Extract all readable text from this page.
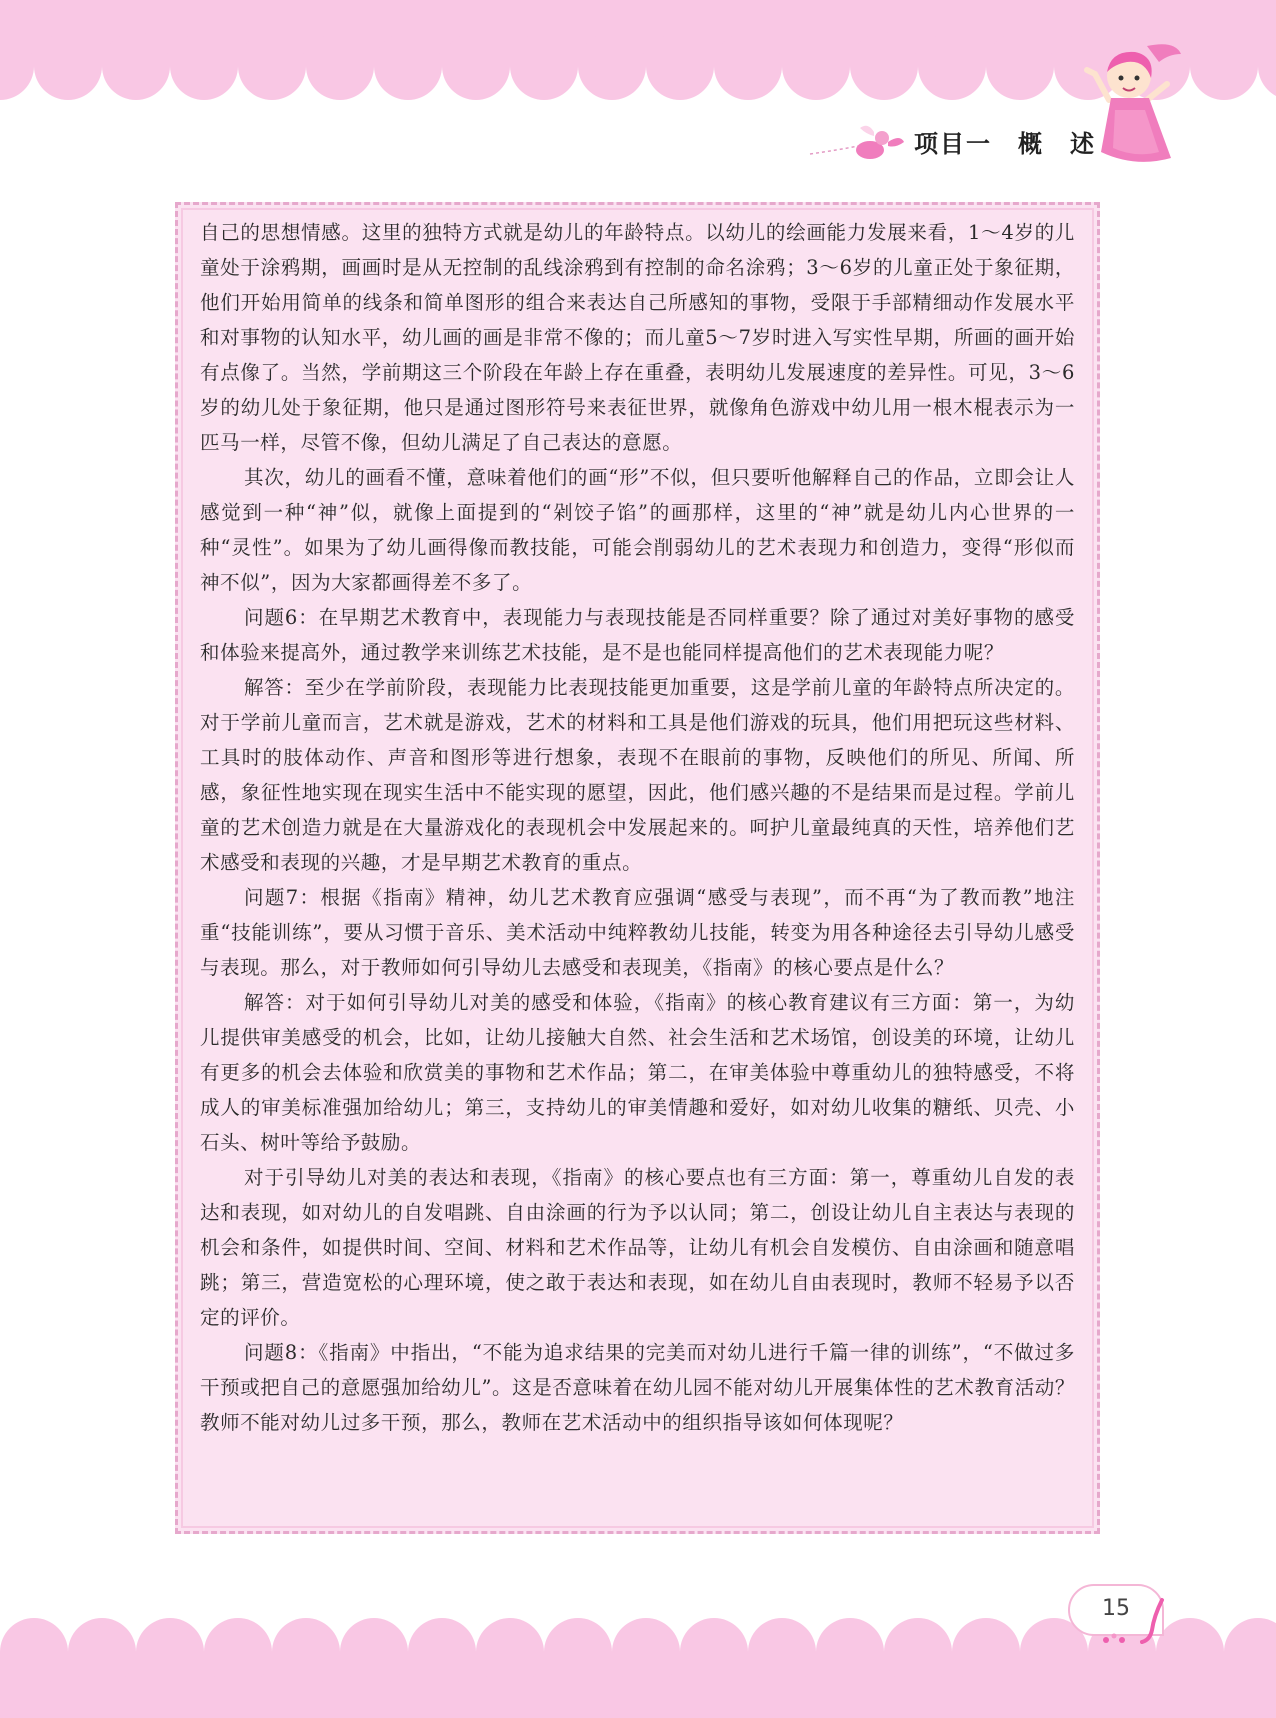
项目一　概　述

自己的思想情感。这里的独特方式就是幼儿的年龄特点。以幼儿的绘画能力发展来看，1～4岁的儿童处于涂鸦期，画画时是从无控制的乱线涂鸦到有控制的命名涂鸦；3～6岁的儿童正处于象征期，他们开始用简单的线条和简单图形的组合来表达自己所感知的事物，受限于手部精细动作发展水平和对事物的认知水平，幼儿画的画是非常不像的；而儿童5～7岁时进入写实性早期，所画的画开始有点像了。当然，学前期这三个阶段在年龄上存在重叠，表明幼儿发展速度的差异性。可见，3～6岁的幼儿处于象征期，他只是通过图形符号来表征世界，就像角色游戏中幼儿用一根木棍表示为一匹马一样，尽管不像，但幼儿满足了自己表达的意愿。

其次，幼儿的画看不懂，意味着他们的画“形”不似，但只要听他解释自己的作品，立即会让人感觉到一种“神”似，就像上面提到的“剁饺子馅”的画那样，这里的“神”就是幼儿内心世界的一种“灵性”。如果为了幼儿画得像而教技能，可能会削弱幼儿的艺术表现力和创造力，变得“形似而神不似”，因为大家都画得差不多了。

问题6：在早期艺术教育中，表现能力与表现技能是否同样重要？除了通过对美好事物的感受和体验来提高外，通过教学来训练艺术技能，是不是也能同样提高他们的艺术表现能力呢？

解答：至少在学前阶段，表现能力比表现技能更加重要，这是学前儿童的年龄特点所决定的。对于学前儿童而言，艺术就是游戏，艺术的材料和工具是他们游戏的玩具，他们用把玩这些材料、工具时的肢体动作、声音和图形等进行想象，表现不在眼前的事物，反映他们的所见、所闻、所感，象征性地实现在现实生活中不能实现的愿望，因此，他们感兴趣的不是结果而是过程。学前儿童的艺术创造力就是在大量游戏化的表现机会中发展起来的。呵护儿童最纯真的天性，培养他们艺术感受和表现的兴趣，才是早期艺术教育的重点。

问题7：根据《指南》精神，幼儿艺术教育应强调“感受与表现”，而不再“为了教而教”地注重“技能训练”，要从习惯于音乐、美术活动中纯粹教幼儿技能，转变为用各种途径去引导幼儿感受与表现。那么，对于教师如何引导幼儿去感受和表现美，《指南》的核心要点是什么？

解答：对于如何引导幼儿对美的感受和体验，《指南》的核心教育建议有三方面：第一，为幼儿提供审美感受的机会，比如，让幼儿接触大自然、社会生活和艺术场馆，创设美的环境，让幼儿有更多的机会去体验和欣赏美的事物和艺术作品；第二，在审美体验中尊重幼儿的独特感受，不将成人的审美标准强加给幼儿；第三，支持幼儿的审美情趣和爱好，如对幼儿收集的糖纸、贝壳、小石头、树叶等给予鼓励。

对于引导幼儿对美的表达和表现，《指南》的核心要点也有三方面：第一，尊重幼儿自发的表达和表现，如对幼儿的自发唱跳、自由涂画的行为予以认同；第二，创设让幼儿自主表达与表现的机会和条件，如提供时间、空间、材料和艺术作品等，让幼儿有机会自发模仿、自由涂画和随意唱跳；第三，营造宽松的心理环境，使之敢于表达和表现，如在幼儿自由表现时，教师不轻易予以否定的评价。

问题8：《指南》中指出，“不能为追求结果的完美而对幼儿进行千篇一律的训练”，“不做过多干预或把自己的意愿强加给幼儿”。这是否意味着在幼儿园不能对幼儿开展集体性的艺术教育活动？教师不能对幼儿过多干预，那么，教师在艺术活动中的组织指导该如何体现呢？

15
